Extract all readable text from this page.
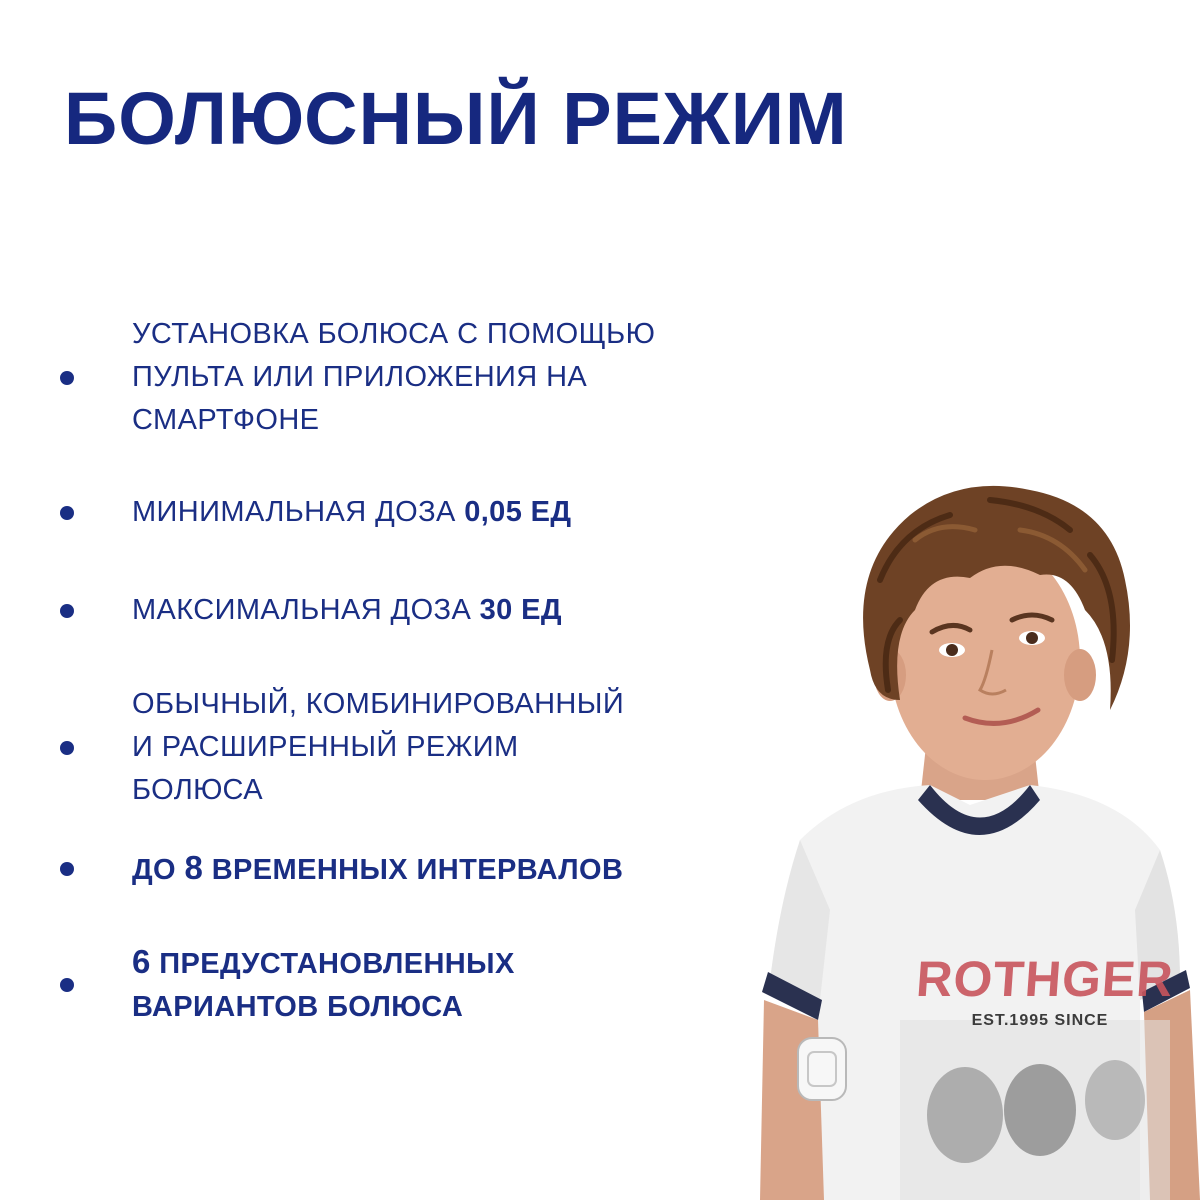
БОЛЮСНЫЙ РЕЖИМ
УСТАНОВКА БОЛЮСА С ПОМОЩЬЮ
ПУЛЬТА ИЛИ ПРИЛОЖЕНИЯ НА
СМАРТФОНЕ
МИНИМАЛЬНАЯ ДОЗА 0,05 ЕД
МАКСИМАЛЬНАЯ ДОЗА 30 ЕД
ОБЫЧНЫЙ, КОМБИНИРОВАННЫЙ
И РАСШИРЕННЫЙ РЕЖИМ
БОЛЮСА
ДО 8 ВРЕМЕННЫХ ИНТЕРВАЛОВ
6 ПРЕДУСТАНОВЛЕННЫХ
ВАРИАНТОВ БОЛЮСА	ROTHGER
EST.1995 SINCE
